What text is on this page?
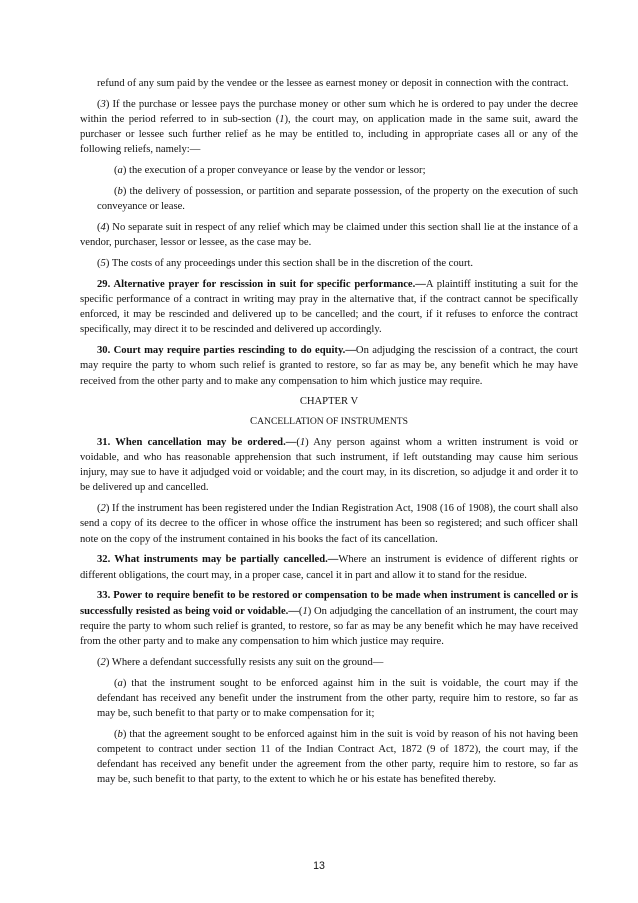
refund of any sum paid by the vendee or the lessee as earnest money or deposit in connection with the contract.

(3) If the purchase or lessee pays the purchase money or other sum which he is ordered to pay under the decree within the period referred to in sub-section (1), the court may, on application made in the same suit, award the purchaser or lessee such further relief as he may be entitled to, including in appropriate cases all or any of the following reliefs, namely:—

(a) the execution of a proper conveyance or lease by the vendor or lessor;

(b) the delivery of possession, or partition and separate possession, of the property on the execution of such conveyance or lease.

(4) No separate suit in respect of any relief which may be claimed under this section shall lie at the instance of a vendor, purchaser, lessor or lessee, as the case may be.

(5) The costs of any proceedings under this section shall be in the discretion of the court.

29. Alternative prayer for rescission in suit for specific performance.—A plaintiff instituting a suit for the specific performance of a contract in writing may pray in the alternative that, if the contract cannot be specifically enforced, it may be rescinded and delivered up to be cancelled; and the court, if it refuses to enforce the contract specifically, may direct it to be rescinded and delivered up accordingly.

30. Court may require parties rescinding to do equity.—On adjudging the rescission of a contract, the court may require the party to whom such relief is granted to restore, so far as may be, any benefit which he may have received from the other party and to make any compensation to him which justice may require.

CHAPTER V

CANCELLATION OF INSTRUMENTS

31. When cancellation may be ordered.—(1) Any person against whom a written instrument is void or voidable, and who has reasonable apprehension that such instrument, if left outstanding may cause him serious injury, may sue to have it adjudged void or voidable; and the court may, in its discretion, so adjudge it and order it to be delivered up and cancelled.

(2) If the instrument has been registered under the Indian Registration Act, 1908 (16 of 1908), the court shall also send a copy of its decree to the officer in whose office the instrument has been so registered; and such officer shall note on the copy of the instrument contained in his books the fact of its cancellation.

32. What instruments may be partially cancelled.—Where an instrument is evidence of different rights or different obligations, the court may, in a proper case, cancel it in part and allow it to stand for the residue.

33. Power to require benefit to be restored or compensation to be made when instrument is cancelled or is successfully resisted as being void or voidable.—(1) On adjudging the cancellation of an instrument, the court may require the party to whom such relief is granted, to restore, so far as may be any benefit which he may have received from the other party and to make any compensation to him which justice may require.

(2) Where a defendant successfully resists any suit on the ground—

(a) that the instrument sought to be enforced against him in the suit is voidable, the court may if the defendant has received any benefit under the instrument from the other party, require him to restore, so far as may be, such benefit to that party or to make compensation for it;

(b) that the agreement sought to be enforced against him in the suit is void by reason of his not having been competent to contract under section 11 of the Indian Contract Act, 1872 (9 of 1872), the court may, if the defendant has received any benefit under the agreement from the other party, require him to restore, so far as may be, such benefit to that party, to the extent to which he or his estate has benefited thereby.

13
